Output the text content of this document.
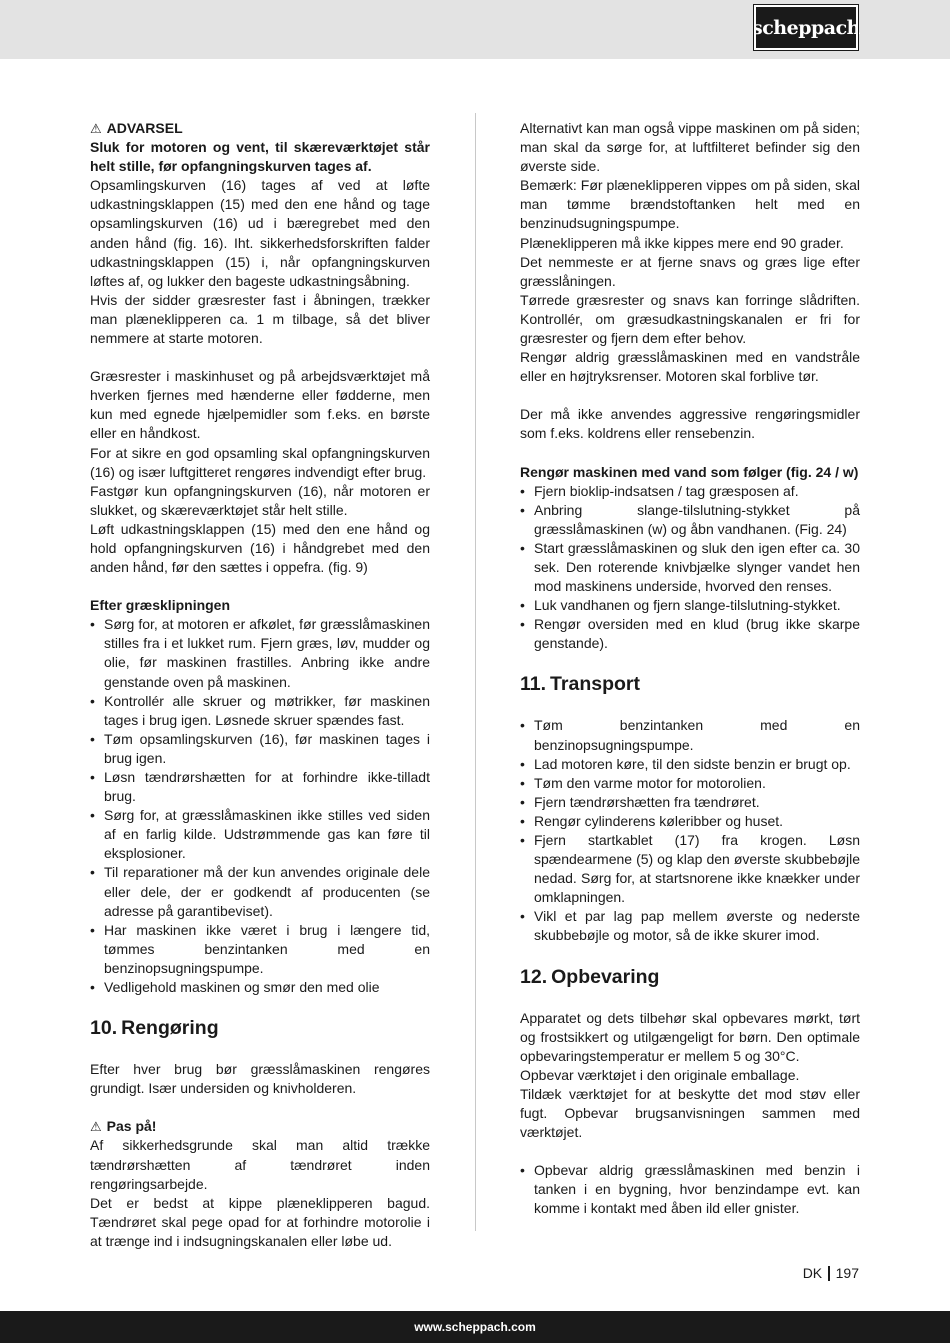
scheppach
⚠ ADVARSEL
Sluk for motoren og vent, til skæreværktøjet står helt stille, før opfangningskurven tages af.
Opsamlingskurven (16) tages af ved at løfte udkastningsklappen (15) med den ene hånd og tage opsamlingskurven (16) ud i bæregrebet med den anden hånd (fig. 16). Iht. sikkerhedsforskriften falder udkastningsklappen (15) i, når opfangningskurven løftes af, og lukker den bageste udkastningsåbning.
Hvis der sidder græsrester fast i åbningen, trækker man plæneklipperen ca. 1 m tilbage, så det bliver nemmere at starte motoren.
Græsrester i maskinhuset og på arbejdsværktøjet må hverken fjernes med hænderne eller fødderne, men kun med egnede hjælpemidler som f.eks. en børste eller en håndkost.
For at sikre en god opsamling skal opfangningskurven (16) og især luftgitteret rengøres indvendigt efter brug.
Fastgør kun opfangningskurven (16), når motoren er slukket, og skæreværktøjet står helt stille.
Løft udkastningsklappen (15) med den ene hånd og hold opfangningskurven (16) i håndgrebet med den anden hånd, før den sættes i oppefra. (fig. 9)
Efter græsklipningen
• Sørg for, at motoren er afkølet, før græsslåmaskinen stilles fra i et lukket rum. Fjern græs, løv, mudder og olie, før maskinen frastilles. Anbring ikke andre genstande oven på maskinen.
• Kontrollér alle skruer og møtrikker, før maskinen tages i brug igen. Løsnede skruer spændes fast.
• Tøm opsamlingskurven (16), før maskinen tages i brug igen.
• Løsn tændrørshætten for at forhindre ikke-tilladt brug.
• Sørg for, at græsslåmaskinen ikke stilles ved siden af en farlig kilde. Udstrømmende gas kan føre til eksplosioner.
• Til reparationer må der kun anvendes originale dele eller dele, der er godkendt af producenten (se adresse på garantibeviset).
• Har maskinen ikke været i brug i længere tid, tømmes benzintanken med en benzinopsugningspumpe.
• Vedligehold maskinen og smør den med olie
10. Rengøring
Efter hver brug bør græsslåmaskinen rengøres grundigt. Især undersiden og knivholderen.
⚠ Pas på!
Af sikkerhedsgrunde skal man altid trække tændrørshætten af tændrøret inden rengøringsarbejde.
Det er bedst at kippe plæneklipperen bagud. Tændrøret skal pege opad for at forhindre motorolie i at trænge ind i indsugningskanalen eller løbe ud.
Alternativt kan man også vippe maskinen om på siden; man skal da sørge for, at luftfilteret befinder sig den øverste side.
Bemærk: Før plæneklipperen vippes om på siden, skal man tømme brændstoftanken helt med en benzinudsugningspumpe.
Plæneklipperen må ikke kippes mere end 90 grader.
Det nemmeste er at fjerne snavs og græs lige efter græsslåningen.
Tørrede græsrester og snavs kan forringe slådriften. Kontrollér, om græsudkastningskanalen er fri for græsrester og fjern dem efter behov.
Rengør aldrig græsslåmaskinen med en vandstråle eller en højtryksrenser. Motoren skal forblive tør.
Der må ikke anvendes aggressive rengøringsmidler som f.eks. koldrens eller rensebenzin.
Rengør maskinen med vand som følger (fig. 24 / w)
• Fjern bioklip-indsatsen / tag græsposen af.
• Anbring slange-tilslutning-stykket på græsslåmaskinen (w) og åbn vandhanen. (Fig. 24)
• Start græsslåmaskinen og sluk den igen efter ca. 30 sek. Den roterende knivbjælke slynger vandet hen mod maskinens underside, hvorved den renses.
• Luk vandhanen og fjern slange-tilslutning-stykket.
• Rengør oversiden med en klud (brug ikke skarpe genstande).
11. Transport
• Tøm benzintanken med en benzinopsugningspumpe.
• Lad motoren køre, til den sidste benzin er brugt op.
• Tøm den varme motor for motorolien.
• Fjern tændrørshætten fra tændrøret.
• Rengør cylinderens køleribber og huset.
• Fjern startkablet (17) fra krogen. Løsn spændearmene (5) og klap den øverste skubbebøjle nedad. Sørg for, at startsnorene ikke knækker under omklapningen.
• Vikl et par lag pap mellem øverste og nederste skubbebøjle og motor, så de ikke skurer imod.
12. Opbevaring
Apparatet og dets tilbehør skal opbevares mørkt, tørt og frostsikkert og utilgængeligt for børn. Den optimale opbevaringstemperatur er mellem 5 og 30°C.
Opbevar værktøjet i den originale emballage.
Tildæk værktøjet for at beskytte det mod støv eller fugt. Opbevar brugsanvisningen sammen med værktøjet.
• Opbevar aldrig græsslåmaskinen med benzin i tanken i en bygning, hvor benzindampe evt. kan komme i kontakt med åben ild eller gnister.
DK 197
www.scheppach.com
